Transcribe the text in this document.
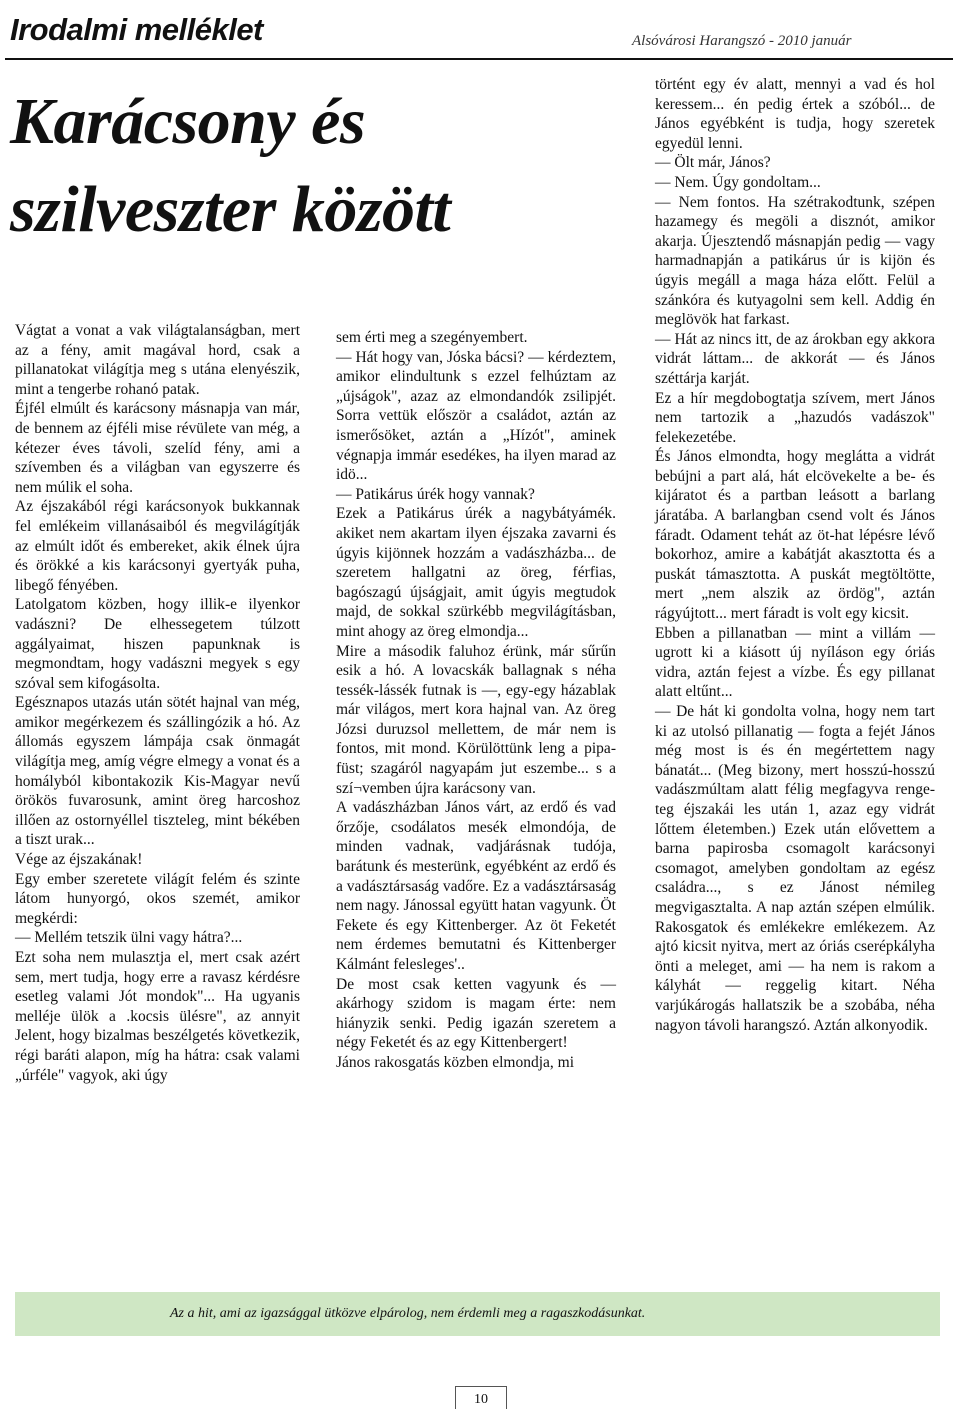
Irodalmi melléklet	Alsóvárosi Harangszó - 2010 január
Karácsony és
szilveszter között

Vágtat a vonat a vak világtalanságban, mert az a fény, amit magával hord, csak a pillanatokat világítja meg s utána elenyészik, mint a tengerbe rohanó patak.

Éjfél elmúlt és karácsony másnapja van már, de bennem az éjféli mise révülete van még, a kétezer éves távoli, szelíd fény, ami a szívemben és a világban van egyszerre és nem múlik el soha.

Az éjszakából régi karácsonyok bukkannak fel emlékeim villanásaiból és megvilágítják az elmúlt időt és embereket, akik élnek újra és örökké a kis karácsonyi gyertyák puha, libegő fényében.

Latolgatom közben, hogy illik-e ilyenkor vadászni? De elhessegetem túlzott aggályaimat, hiszen papunknak is megmondtam, hogy vadászni megyek s egy szóval sem kifogásolta.

Egésznapos utazás után sötét hajnal van még, amikor megérkezem és szállingózik a hó. Az állomás egyszem lámpája csak önmagát világítja meg, amíg végre elmegy a vonat és a homályból kibontakozik Kis-Magyar nevű örökös fuvarosunk, amint öreg harcoshoz illően az ostornyéllel tiszteleg, mint békében a tiszt urak...

Vége az éjszakának!

Egy ember szeretete világít felém és szinte látom hunyorgó, okos szemét, amikor megkérdi:

— Mellém tetszik ülni vagy hátra?...

Ezt soha nem mulasztja el, mert csak azért sem, mert tudja, hogy erre a ravasz kérdésre esetleg valami Jót mondok"... Ha ugyanis melléje ülök a .kocsis ülésre", az annyit Jelent, hogy bizalmas beszélgetés következik, régi baráti alapon, míg ha hátra: csak valami „úrféle" vagyok, aki úgy

sem érti meg a szegényembert.

— Hát hogy van, Jóska bácsi? — kérdeztem, amikor elindultunk s ezzel felhúztam az „újságok", azaz az elmondandók zsilipjét. Sorra vettük először a családot, aztán az ismerősöket, aztán a „Hízót", aminek végnapja immár esedékes, ha ilyen marad az idö...

— Patikárus úrék hogy vannak?

Ezek a Patikárus úrék a nagybátyámék. akiket nem akartam ilyen éjszaka zavarni és úgyis kijönnek hozzám a vadászházba... de szeretem hallgatni az öreg, férfias, bagószagú újságjait, amit úgyis megtudok majd, de sokkal szürkébb megvilágításban, mint ahogy az öreg elmondja...

Mire a második faluhoz érünk, már sűrűn esik a hó. A lovacskák ballagnak s néha tessék-lássék futnak is —, egy-egy házablak már világos, mert kora hajnal van. Az öreg Józsi duruzsol mellettem, de már nem is fontos, mit mond. Körülöttünk leng a pipafüst; szagáról nagyapám jut eszembe... s a szí¬vemben újra karácsony van.

A vadászházban János várt, az erdő és vad őrzője, csodálatos mesék elmondója, de minden vadnak, vadjárásnak tudója, barátunk és mesterünk, egyébként az erdő és a vadásztársaság vadőre. Ez a vadásztársaság nem nagy. Jánossal együtt hatan vagyunk. Öt Fekete és egy Kittenberger. Az öt Feketét nem érdemes bemutatni és Kittenberger Kálmánt felesleges'..

De most csak ketten vagyunk és — akárhogy szidom is magam érte: nem hiányzik senki. Pedig igazán szeretem a négy Feketét és az egy Kittenbergert!

János rakosgatás közben elmondja, mi

történt egy év alatt, mennyi a vad és hol keressem... én pedig értek a szóból... de János egyébként is tudja, hogy szeretek egyedül lenni.

— Ölt már, János?

— Nem. Úgy gondoltam...

— Nem fontos. Ha szétrakodtunk, szépen hazamegy és megöli a disznót, amikor akarja. Újesztendő másnapján pedig — vagy harmadnapján a patikárus úr is kijön és úgyis megáll a maga háza előtt. Felül a szánkóra és kutyagolni sem kell. Addig én meglövök hat farkast.

— Hát az nincs itt, de az árokban egy akkora vidrát láttam... de akkorát — és János széttárja karját.

Ez a hír megdobogtatja szívem, mert János nem tartozik a „hazudós vadászok" felekezetébe.

És János elmondta, hogy meglátta a vidrát bebújni a part alá, hát elcövekelte a be- és kijáratot és a partban leásott a barlang járatába. A barlangban csend volt és János fáradt. Odament tehát az öt-hat lépésre lévő bokorhoz, amire a kabátját akasztotta és a puskát támasztotta. A puskát megtöltötte, mert „nem alszik az ördög", aztán rágyújtott... mert fáradt is volt egy kicsit.

Ebben a pillanatban — mint a villám — ugrott ki a kiásott új nyíláson egy óriás vidra, aztán fejest a vízbe. És egy pillanat alatt eltűnt...

— De hát ki gondolta volna, hogy nem tart ki az utolsó pillanatig — fogta a fejét János még most is és én megértettem nagy bánatát... (Meg bizony, mert hosszú-hosszú vadászmúltam alatt félig megfagyva rengeteg éjszakái les után 1, azaz egy vidrát lőttem életemben.) Ezek után elővettem a barna papirosba csomagolt karácsonyi csomagot, amelyben gondoltam az egész családra..., s ez Jánost némileg megvigasztalta. A nap aztán szépen elmúlik. Rakosgatok és emlékekre emlékezem. Az ajtó kicsit nyitva, mert az óriás cserépkályha önti a meleget, ami — ha nem is rakom a kályhát — reggelig kitart. Néha varjúkárogás hallatszik be a szobába, néha nagyon távoli harangszó. Aztán alkonyodik.

Az a hit, ami az igazsággal ütközve elpárolog, nem érdemli meg a ragaszkodásunkat.
10
